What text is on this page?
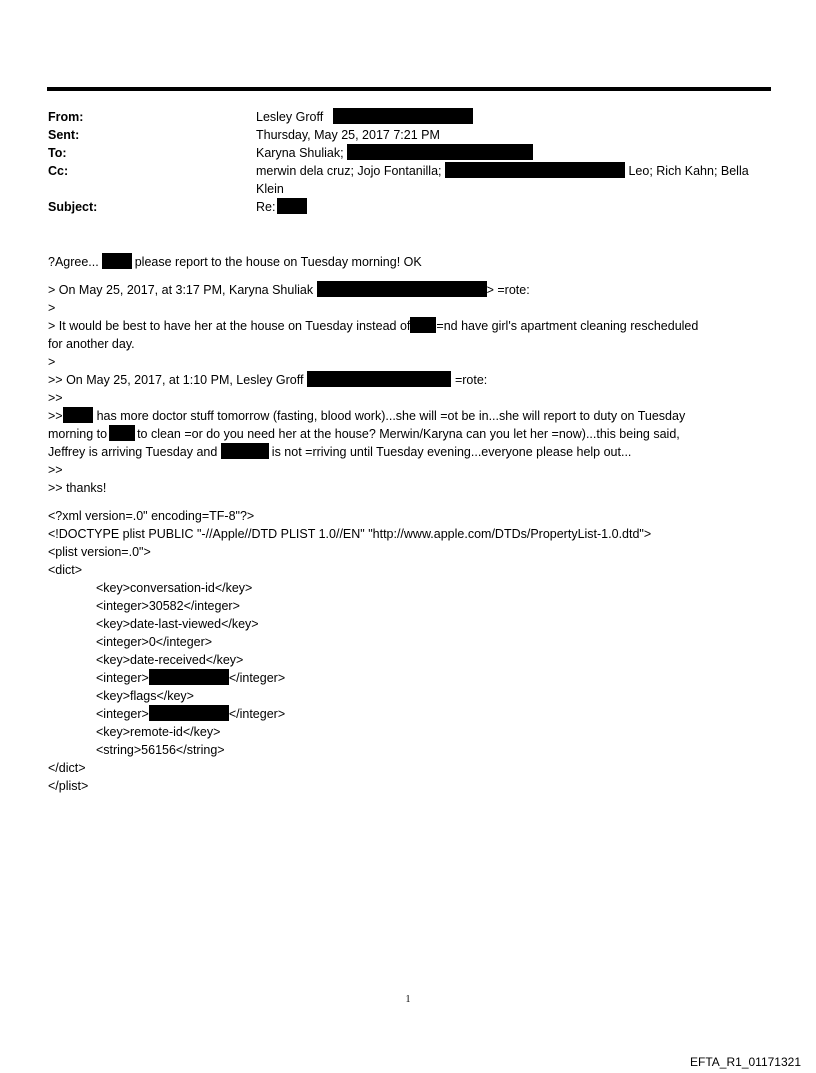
From:	Lesley Groff
Sent:	Thursday, May 25, 2017 7:21 PM
To:	Karyna Shuliak;
Cc:	merwin dela cruz; Jojo Fontanilla;	Leo; Rich Kahn; Bella
Klein
Subject:	Re:

?Agree...	please report to the house on Tuesday morning! OK

> On May 25, 2017, at 3:17 PM, Karyna Shuliak	> =rote:

>

> It would be best to have her at the house on Tuesday instead of =nd have girl's apartment cleaning rescheduled

for another day.

>

>> On May 25, 2017, at 1:10 PM, Lesley Groff	=rote:

>>

>>	has more doctor stuff tomorrow (fasting, blood work)...she will =ot be in...she will report to duty on Tuesday

morning to to clean =or do you need her at the house? Merwin/Karyna can you let her =now)...this being said,

Jeffrey is arriving Tuesday and	is not =rriving until Tuesday evening...everyone please help out...

>>

>> thanks!

<?xml version=.0" encoding=TF-8"?>

<!DOCTYPE plist PUBLIC "-//Apple//DTD PLIST 1.0//EN" "http://www.apple.com/DTDs/PropertyList-1.0.dtd">

<plist version=.0">

<dict>

<key>conversation-id</key>

<integer>30582</integer>

<key>date-last-viewed</key>

<integer>0</integer>

<key>date-received</key>

<integer>	</integer>

<key>flags</key>

<integer>	</integer>

<key>remote-id</key>

<string>56156</string>

</dict>

</plist>

1
EFTA_R1_01171321
